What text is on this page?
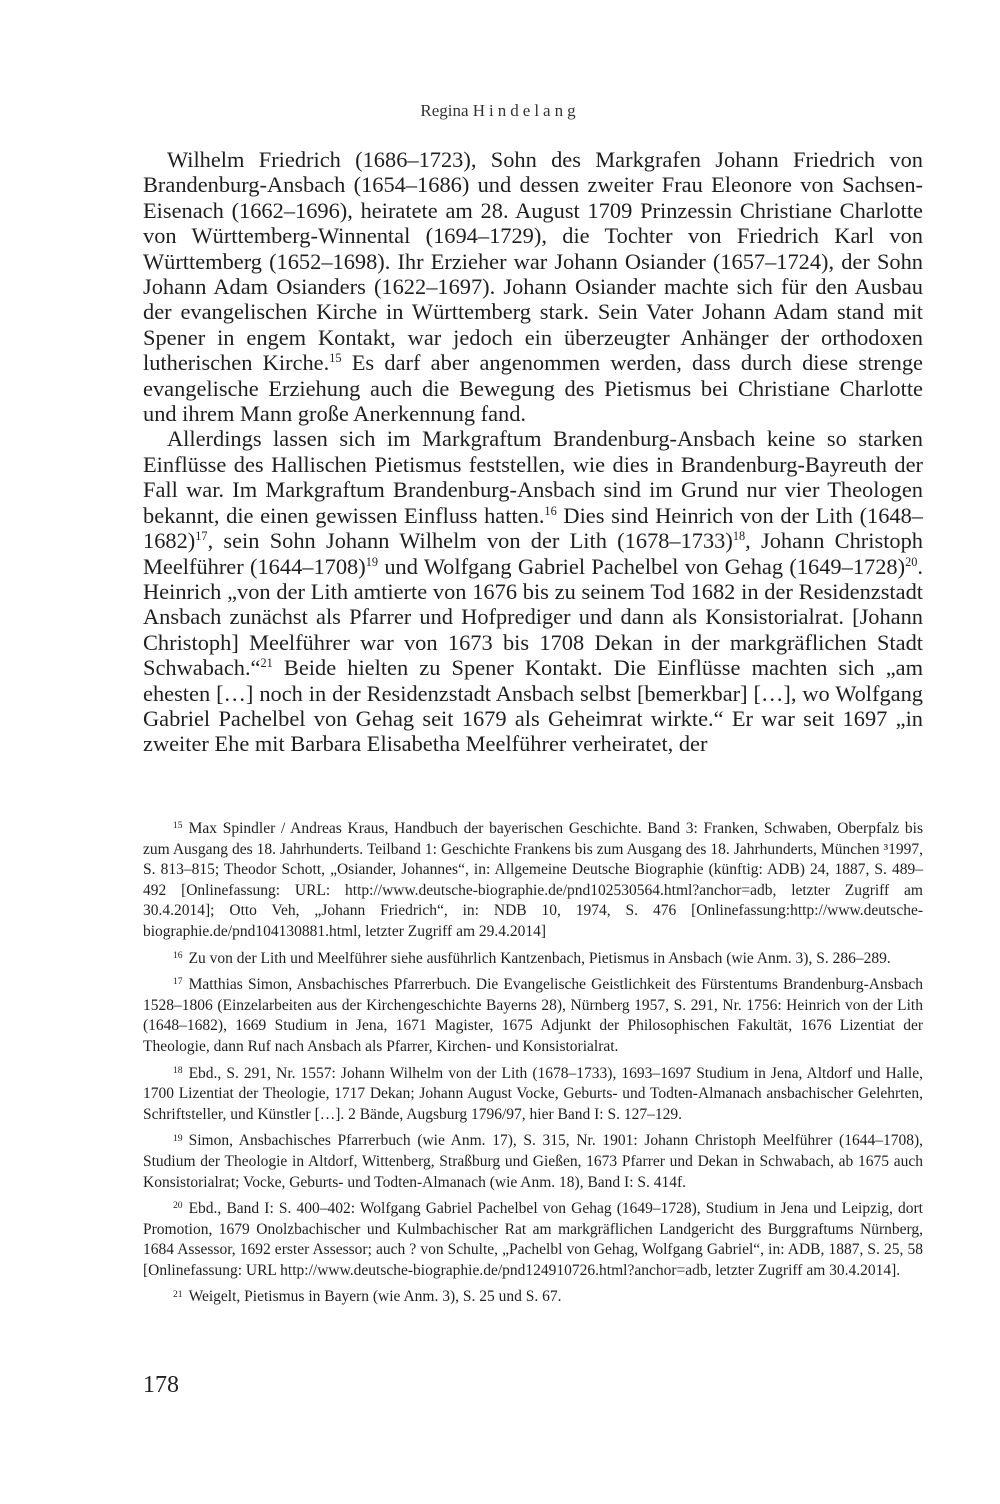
Regina Hindelang

Wilhelm Friedrich (1686–1723), Sohn des Markgrafen Johann Friedrich von Brandenburg-Ansbach (1654–1686) und dessen zweiter Frau Eleonore von Sachsen-Eisenach (1662–1696), heiratete am 28. August 1709 Prinzessin Christiane Charlotte von Württemberg-Winnental (1694–1729), die Tochter von Friedrich Karl von Württemberg (1652–1698). Ihr Erzieher war Johann Osiander (1657–1724), der Sohn Johann Adam Osianders (1622–1697). Johann Osiander machte sich für den Ausbau der evangelischen Kirche in Württemberg stark. Sein Vater Johann Adam stand mit Spener in engem Kontakt, war jedoch ein überzeugter Anhänger der orthodoxen lutherischen Kirche.$^{15}$ Es darf aber angenommen werden, dass durch diese strenge evangelische Erziehung auch die Bewegung des Pietismus bei Christiane Charlotte und ihrem Mann große Anerkennung fand.

Allerdings lassen sich im Markgraftum Brandenburg-Ansbach keine so starken Einflüsse des Hallischen Pietismus feststellen, wie dies in Brandenburg-Bayreuth der Fall war. Im Markgraftum Brandenburg-Ansbach sind im Grund nur vier Theologen bekannt, die einen gewissen Einfluss hatten.$^{16}$ Dies sind Heinrich von der Lith (1648–1682)$^{17}$, sein Sohn Johann Wilhelm von der Lith (1678–1733)$^{18}$, Johann Christoph Meelführer (1644–1708)$^{19}$ und Wolfgang Gabriel Pachelbel von Gehag (1649–1728)$^{20}$. Heinrich „von der Lith amtierte von 1676 bis zu seinem Tod 1682 in der Residenzstadt Ansbach zunächst als Pfarrer und Hofprediger und dann als Konsistorialrat. [Johann Christoph] Meelführer war von 1673 bis 1708 Dekan in der markgräflichen Stadt Schwabach.“$^{21}$ Beide hielten zu Spener Kontakt. Die Einflüsse machten sich „am ehesten […] noch in der Residenzstadt Ansbach selbst [bemerkbar] […], wo Wolfgang Gabriel Pachelbel von Gehag seit 1679 als Geheimrat wirkte.“ Er war seit 1697 „in zweiter Ehe mit Barbara Elisabetha Meelführer verheiratet, der

$^{15}$ Max Spindler / Andreas Kraus, Handbuch der bayerischen Geschichte. Band 3: Franken, Schwaben, Oberpfalz bis zum Ausgang des 18. Jahrhunderts. Teilband 1: Geschichte Frankens bis zum Ausgang des 18. Jahrhunderts, München ³1997, S. 813–815; Theodor Schott, „Osiander, Johannes“, in: Allgemeine Deutsche Biographie (künftig: ADB) 24, 1887, S. 489–492 [Onlinefassung: URL: http://www.deutsche-biographie.de/pnd102530564.html?anchor=adb, letzter Zugriff am 30.4.2014]; Otto Veh, „Johann Friedrich“, in: NDB 10, 1974, S. 476 [Onlinefassung:http://www.deutsche-biographie.de/pnd104130881.html, letzter Zugriff am 29.4.2014]
$^{16}$ Zu von der Lith und Meelführer siehe ausführlich Kantzenbach, Pietismus in Ansbach (wie Anm. 3), S. 286–289.
$^{17}$ Matthias Simon, Ansbachisches Pfarrerbuch. Die Evangelische Geistlichkeit des Fürstentums Brandenburg-Ansbach 1528–1806 (Einzelarbeiten aus der Kirchengeschichte Bayerns 28), Nürnberg 1957, S. 291, Nr. 1756: Heinrich von der Lith (1648–1682), 1669 Studium in Jena, 1671 Magister, 1675 Adjunkt der Philosophischen Fakultät, 1676 Lizentiat der Theologie, dann Ruf nach Ansbach als Pfarrer, Kirchen- und Konsistorialrat.
$^{18}$ Ebd., S. 291, Nr. 1557: Johann Wilhelm von der Lith (1678–1733), 1693–1697 Studium in Jena, Altdorf und Halle, 1700 Lizentiat der Theologie, 1717 Dekan; Johann August Vocke, Geburts- und Todten-Almanach ansbachischer Gelehrten, Schriftsteller, und Künstler […]. 2 Bände, Augsburg 1796/97, hier Band I: S. 127–129.
$^{19}$ Simon, Ansbachisches Pfarrerbuch (wie Anm. 17), S. 315, Nr. 1901: Johann Christoph Meelführer (1644–1708), Studium der Theologie in Altdorf, Wittenberg, Straßburg und Gießen, 1673 Pfarrer und Dekan in Schwabach, ab 1675 auch Konsistorialrat; Vocke, Geburts- und Todten-Almanach (wie Anm. 18), Band I: S. 414f.
$^{20}$ Ebd., Band I: S. 400–402: Wolfgang Gabriel Pachelbel von Gehag (1649–1728), Studium in Jena und Leipzig, dort Promotion, 1679 Onolzbachischer und Kulmbachischer Rat am markgräflichen Landgericht des Burggraftums Nürnberg, 1684 Assessor, 1692 erster Assessor; auch ? von Schulte, „Pachelbl von Gehag, Wolfgang Gabriel“, in: ADB, 1887, S. 25, 58 [Onlinefassung: URL http://www.deutsche-biographie.de/pnd124910726.html?anchor=adb, letzter Zugriff am 30.4.2014].
$^{21}$ Weigelt, Pietismus in Bayern (wie Anm. 3), S. 25 und S. 67.
178
